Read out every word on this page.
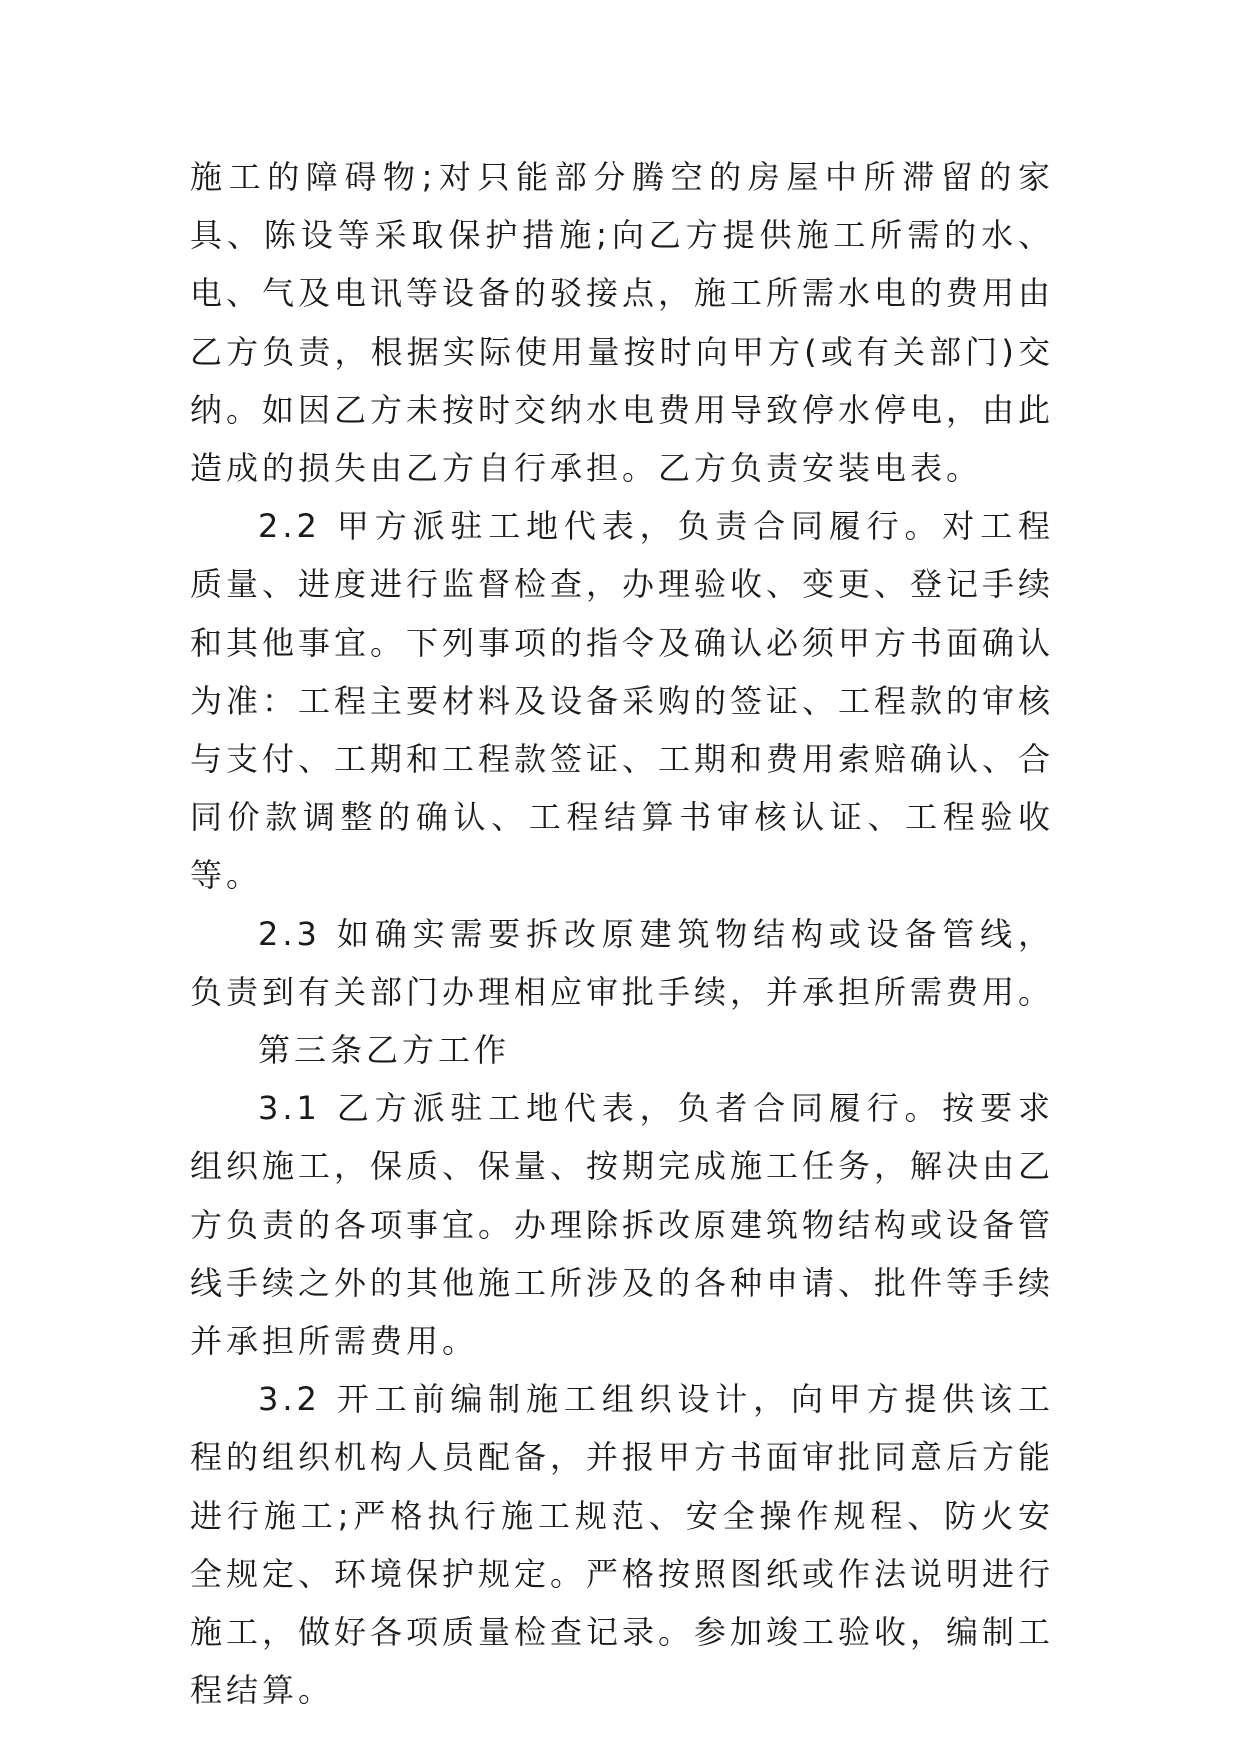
施工的障碍物;对只能部分腾空的房屋中所滞留的家具、陈设等采取保护措施;向乙方提供施工所需的水、电、气及电讯等设备的驳接点，施工所需水电的费用由乙方负责，根据实际使用量按时向甲方(或有关部门)交纳。如因乙方未按时交纳水电费用导致停水停电，由此造成的损失由乙方自行承担。乙方负责安装电表。

2.2 甲方派驻工地代表，负责合同履行。对工程质量、进度进行监督检查，办理验收、变更、登记手续和其他事宜。下列事项的指令及确认必须甲方书面确认为准：工程主要材料及设备采购的签证、工程款的审核与支付、工期和工程款签证、工期和费用索赔确认、合同价款调整的确认、工程结算书审核认证、工程验收等。

2.3 如确实需要拆改原建筑物结构或设备管线，负责到有关部门办理相应审批手续，并承担所需费用。

第三条乙方工作

3.1 乙方派驻工地代表，负者合同履行。按要求组织施工，保质、保量、按期完成施工任务，解决由乙方负责的各项事宜。办理除拆改原建筑物结构或设备管线手续之外的其他施工所涉及的各种申请、批件等手续并承担所需费用。

3.2 开工前编制施工组织设计，向甲方提供该工程的组织机构人员配备，并报甲方书面审批同意后方能进行施工;严格执行施工规范、安全操作规程、防火安全规定、环境保护规定。严格按照图纸或作法说明进行施工，做好各项质量检查记录。参加竣工验收，编制工程结算。
